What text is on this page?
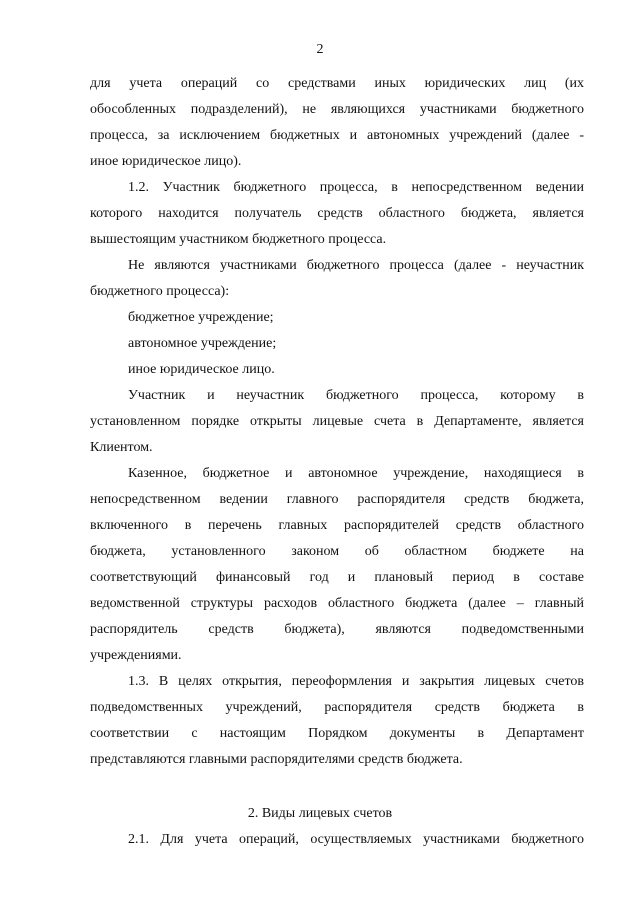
2
для учета операций со средствами иных юридических лиц (их
обособленных подразделений), не являющихся участниками бюджетного
процесса, за исключением бюджетных и автономных учреждений (далее -
иное юридическое лицо).
1.2. Участник бюджетного процесса, в непосредственном ведении
которого находится получатель средств областного бюджета, является
вышестоящим участником бюджетного процесса.
Не являются участниками бюджетного процесса (далее - неучастник
бюджетного процесса):
бюджетное учреждение;
автономное учреждение;
иное юридическое лицо.
Участник и неучастник бюджетного процесса, которому в
установленном порядке открыты лицевые счета в Департаменте, является
Клиентом.
Казенное, бюджетное и автономное учреждение, находящиеся в
непосредственном ведении главного распорядителя средств бюджета,
включенного в перечень главных распорядителей средств областного
бюджета, установленного законом об областном бюджете на
соответствующий финансовый год и плановый период в составе
ведомственной структуры расходов областного бюджета (далее – главный
распорядитель средств бюджета), являются подведомственными
учреждениями.
1.3. В целях открытия, переоформления и закрытия лицевых счетов
подведомственных учреждений, распорядителя средств бюджета в
соответствии с настоящим Порядком документы в Департамент
представляются главными распорядителями средств бюджета.
2. Виды лицевых счетов
2.1. Для учета операций, осуществляемых участниками бюджетного
